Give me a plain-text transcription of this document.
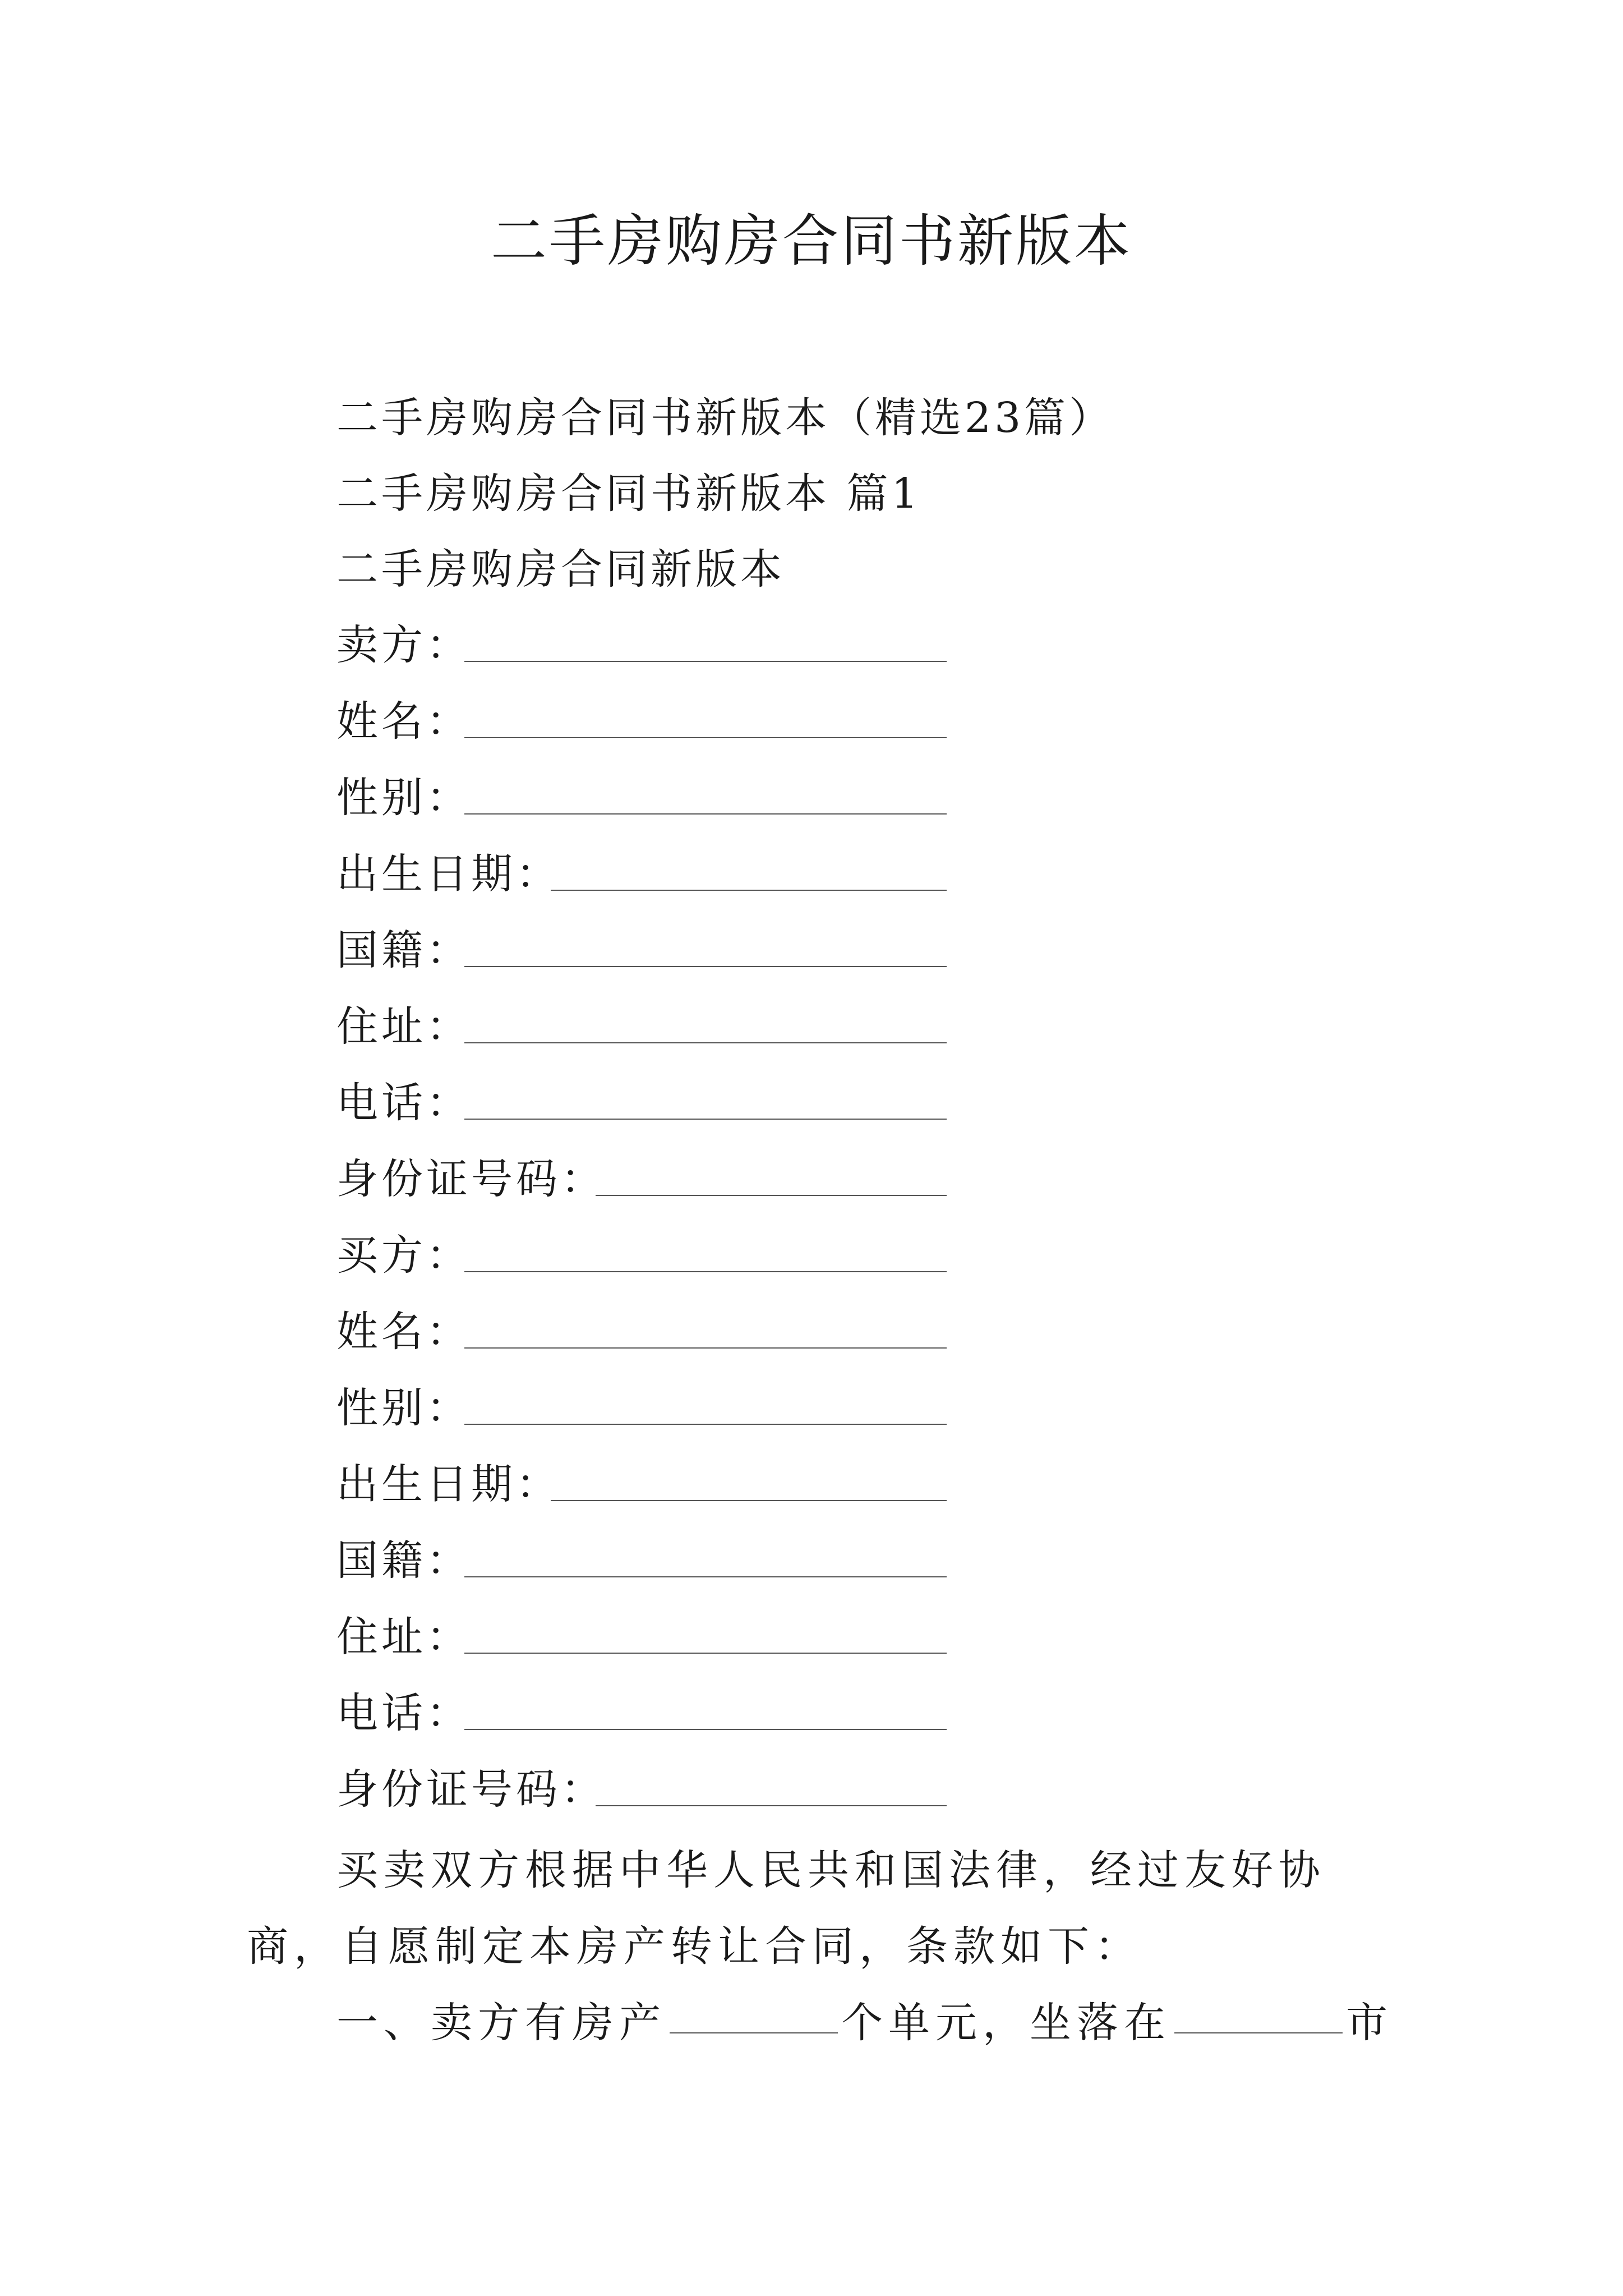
二手房购房合同书新版本
二手房购房合同书新版本（精选23篇）
二手房购房合同书新版本 篇1
二手房购房合同新版本
卖方：
姓名：
性别：
出生日期：
国籍：
住址：
电话：
身份证号码：
买方：
姓名：
性别：
出生日期：
国籍：
住址：
电话：
身份证号码：
买卖双方根据中华人民共和国法律，经过友好协商，自愿制定本房产转让合同，条款如下：
一、卖方有房产	个单元，坐落在	市
